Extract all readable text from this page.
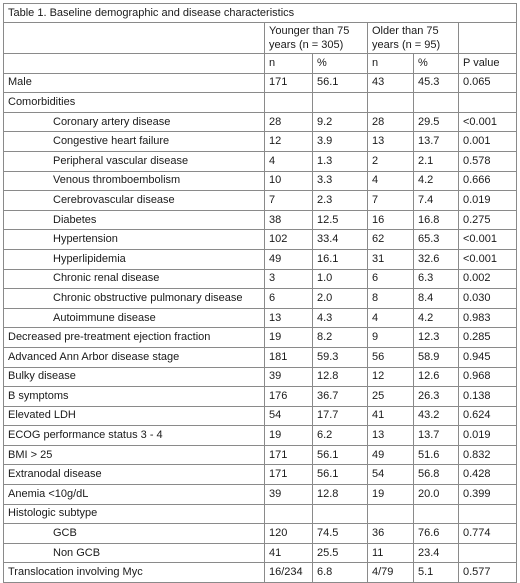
Table 1. Baseline demographic and disease characteristics					
	Younger than 75 years (n = 305)		Older than 75 years (n = 95)		
	n	%	n	%	P value
Male	171	56.1	43	45.3	0.065
Comorbidities					
Coronary artery disease	28	9.2	28	29.5	<0.001
Congestive heart failure	12	3.9	13	13.7	0.001
Peripheral vascular disease	4	1.3	2	2.1	0.578
Venous thromboembolism	10	3.3	4	4.2	0.666
Cerebrovascular disease	7	2.3	7	7.4	0.019
Diabetes	38	12.5	16	16.8	0.275
Hypertension	102	33.4	62	65.3	<0.001
Hyperlipidemia	49	16.1	31	32.6	<0.001
Chronic renal disease	3	1.0	6	6.3	0.002
Chronic obstructive pulmonary disease	6	2.0	8	8.4	0.030
Autoimmune disease	13	4.3	4	4.2	0.983
Decreased pre-treatment ejection fraction	19	8.2	9	12.3	0.285
Advanced Ann Arbor disease stage	181	59.3	56	58.9	0.945
Bulky disease	39	12.8	12	12.6	0.968
B symptoms	176	36.7	25	26.3	0.138
Elevated LDH	54	17.7	41	43.2	0.624
ECOG performance status 3 - 4	19	6.2	13	13.7	0.019
BMI > 25	171	56.1	49	51.6	0.832
Extranodal disease	171	56.1	54	56.8	0.428
Anemia <10g/dL	39	12.8	19	20.0	0.399
Histologic subtype					
GCB	120	74.5	36	76.6	0.774
Non GCB	41	25.5	11	23.4	
Translocation involving Myc	16/234	6.8	4/79	5.1	0.577
